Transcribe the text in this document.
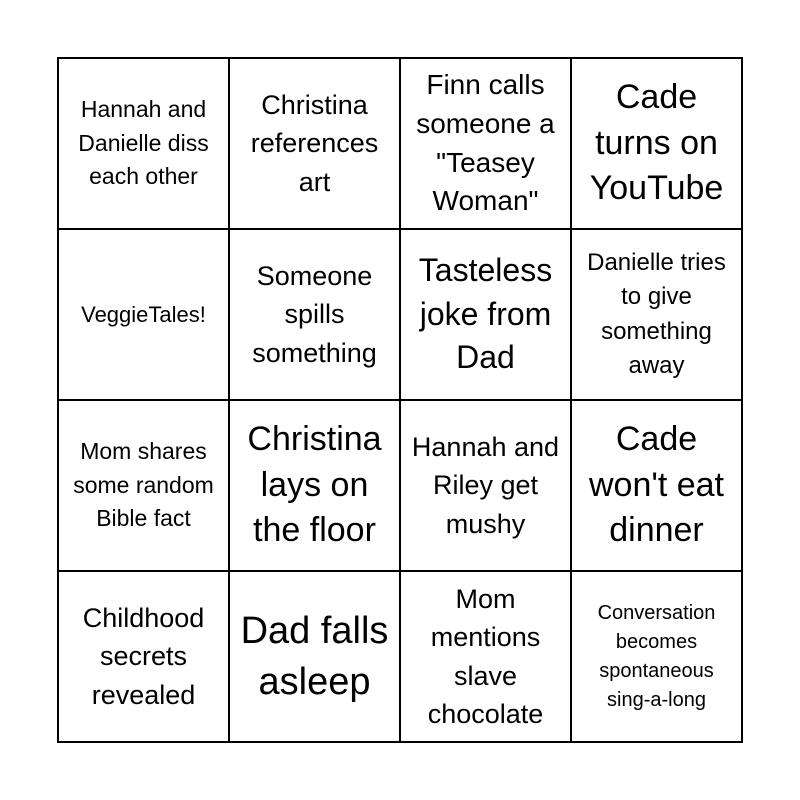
Hannah and Danielle diss each other
Christina references art
Finn calls someone a "Teasey Woman"
Cade turns on YouTube
VeggieTales!
Someone spills something
Tasteless joke from Dad
Danielle tries to give something away
Mom shares some random Bible fact
Christina lays on the floor
Hannah and Riley get mushy
Cade won't eat dinner
Childhood secrets revealed
Dad falls asleep
Mom mentions slave chocolate
Conversation becomes spontaneous sing-a-long
